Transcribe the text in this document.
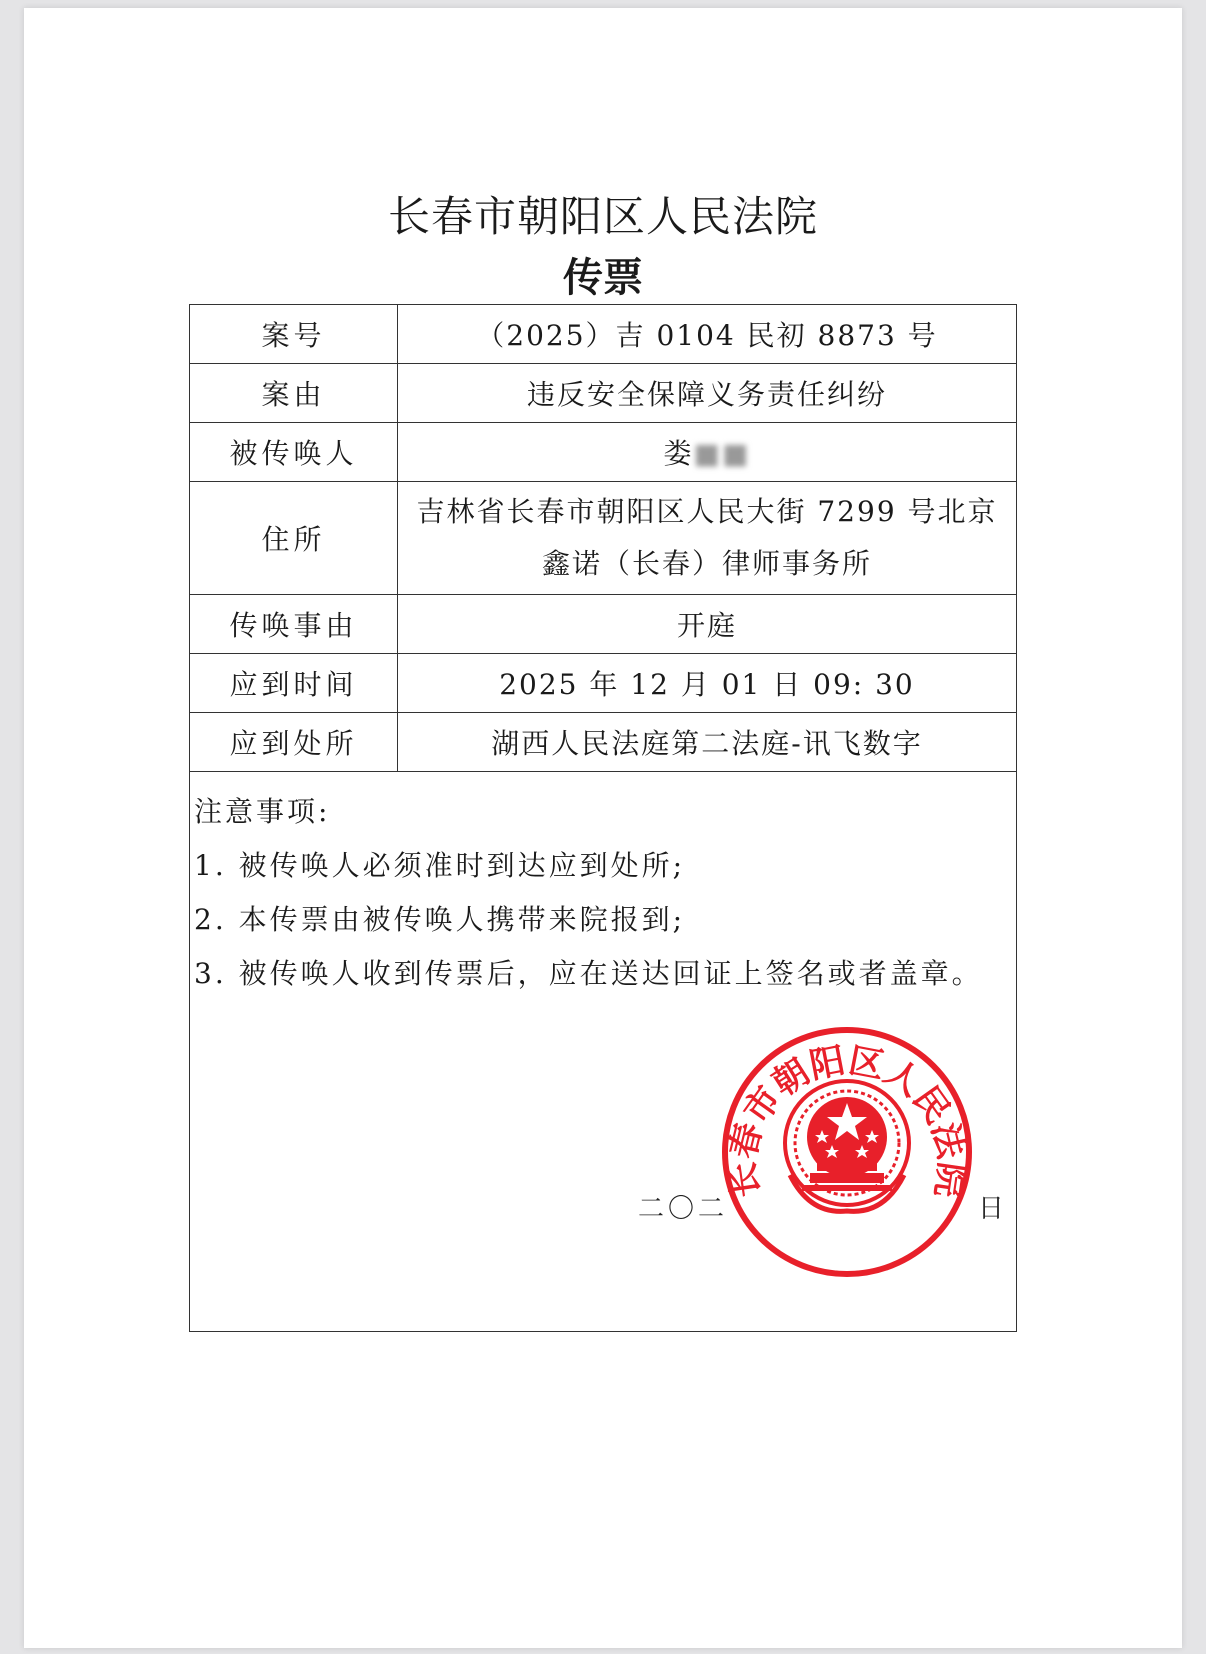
长春市朝阳区人民法院
传票
案号	（2025）吉 0104 民初 8873 号
案由	违反安全保障义务责任纠纷
被传唤人	娄■■
住所	吉林省长春市朝阳区人民大街 7299 号北京鑫诺（长春）律师事务所

传唤事由	开庭
应到时间	2025 年 12 月 01 日 09: 30
应到处所	湖西人民法庭第二法庭-讯飞数字

注意事项:
1. 被传唤人必须准时到达应到处所;
2. 本传票由被传唤人携带来院报到;
3. 被传唤人收到传票后，应在送达回证上签名或者盖章。
二〇二 日	
长春市朝阳区人民法院
